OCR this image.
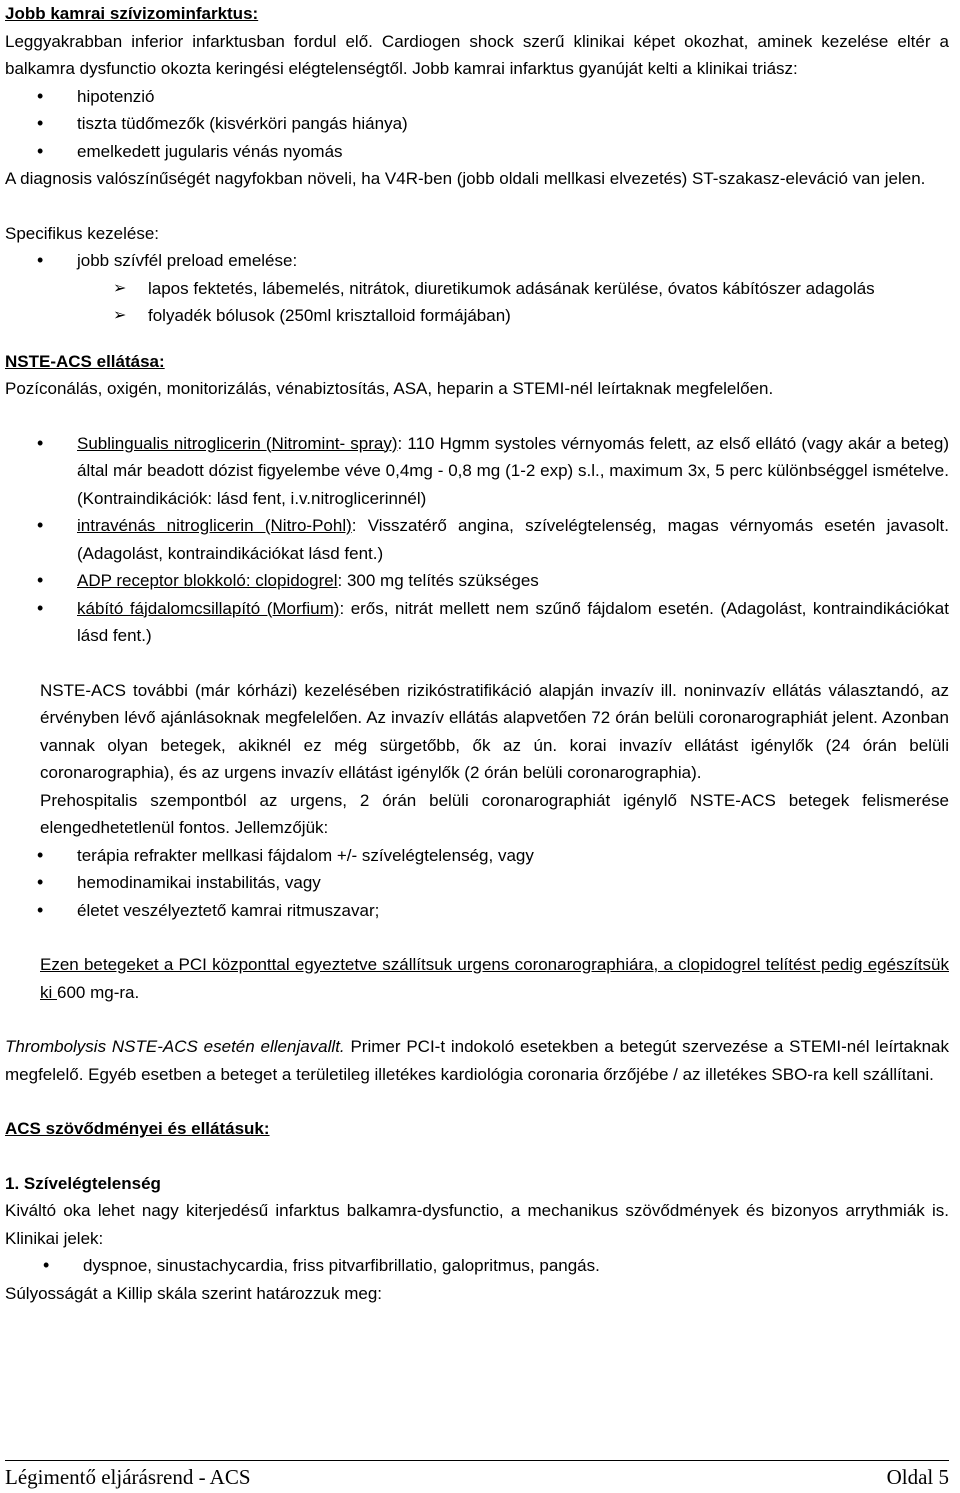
Jobb kamrai szívizominfarktus:

Leggyakrabban inferior infarktusban fordul elő. Cardiogen shock szerű klinikai képet okozhat, aminek kezelése eltér a balkamra dysfunctio okozta keringési elégtelenségtől. Jobb kamrai infarktus gyanúját kelti a klinikai triász:

• hipotenzió
• tiszta tüdőmezők (kisvérköri pangás hiánya)
• emelkedett jugularis vénás nyomás

A diagnosis valószínűségét nagyfokban növeli, ha V4R-ben (jobb oldali mellkasi elvezetés) ST-szakasz-eleváció van jelen.

Specifikus kezelése:

• jobb szívfél preload emelése:
➢ lapos fektetés, lábemelés, nitrátok, diuretikumok adásának kerülése, óvatos kábítószer adagolás
➢ folyadék bólusok (250ml krisztalloid formájában)

NSTE-ACS ellátása:

Pozíconálás, oxigén, monitorizálás, vénabiztosítás, ASA, heparin a STEMI-nél leírtaknak megfelelően.

• Sublingualis nitroglicerin (Nitromint- spray): 110 Hgmm systoles vérnyomás felett, az első ellátó (vagy akár a beteg) által már beadott dózist figyelembe véve 0,4mg - 0,8 mg (1-2 exp) s.l., maximum 3x, 5 perc különbséggel ismételve. (Kontraindikációk: lásd fent, i.v.nitroglicerinnél)
• intravénás nitroglicerin (Nitro-Pohl): Visszatérő angina, szívelégtelenség, magas vérnyomás esetén javasolt. (Adagolást, kontraindikációkat lásd fent.)
• ADP receptor blokkoló: clopidogrel: 300 mg telítés szükséges
• kábító fájdalomcsillapító (Morfium): erős, nitrát mellett nem szűnő fájdalom esetén. (Adagolást, kontraindikációkat lásd fent.)

NSTE-ACS további (már kórházi) kezelésében rizikóstratifikáció alapján invazív ill. noninvazív ellátás választandó, az érvényben lévő ajánlásoknak megfelelően. Az invazív ellátás alapvetően 72 órán belüli coronarographiát jelent. Azonban vannak olyan betegek, akiknél ez még sürgetőbb, ők az ún. korai invazív ellátást igénylők (24 órán belüli coronarographia), és az urgens invazív ellátást igénylők (2 órán belüli coronarographia).

Prehospitalis szempontból az urgens, 2 órán belüli coronarographiát igénylő NSTE-ACS betegek felismerése elengedhetetlenül fontos. Jellemzőjük:

• terápia refrakter mellkasi fájdalom +/- szívelégtelenség, vagy
• hemodinamikai instabilitás, vagy
• életet veszélyeztető kamrai ritmuszavar;

Ezen betegeket a PCI központtal egyeztetve szállítsuk urgens coronarographiára, a clopidogrel telítést pedig egészítsük ki 600 mg-ra.

Thrombolysis NSTE-ACS esetén ellenjavallt. Primer PCI-t indokoló esetekben a betegút szervezése a STEMI-nél leírtaknak megfelelő. Egyéb esetben a beteget a területileg illetékes kardiológia coronaria őrzőjébe / az illetékes SBO-ra kell szállítani.

ACS szövődményei és ellátásuk:

1. Szívelégtelenség

Kiváltó oka lehet nagy kiterjedésű infarktus balkamra-dysfunctio, a mechanikus szövődmények és bizonyos arrythmiák is. Klinikai jelek:

• dyspnoe, sinustachycardia, friss pitvarfibrillatio, galopritmus, pangás.

Súlyosságát a Killip skála szerint határozzuk meg:

Légimentő eljárásrend - ACS	Oldal 5
